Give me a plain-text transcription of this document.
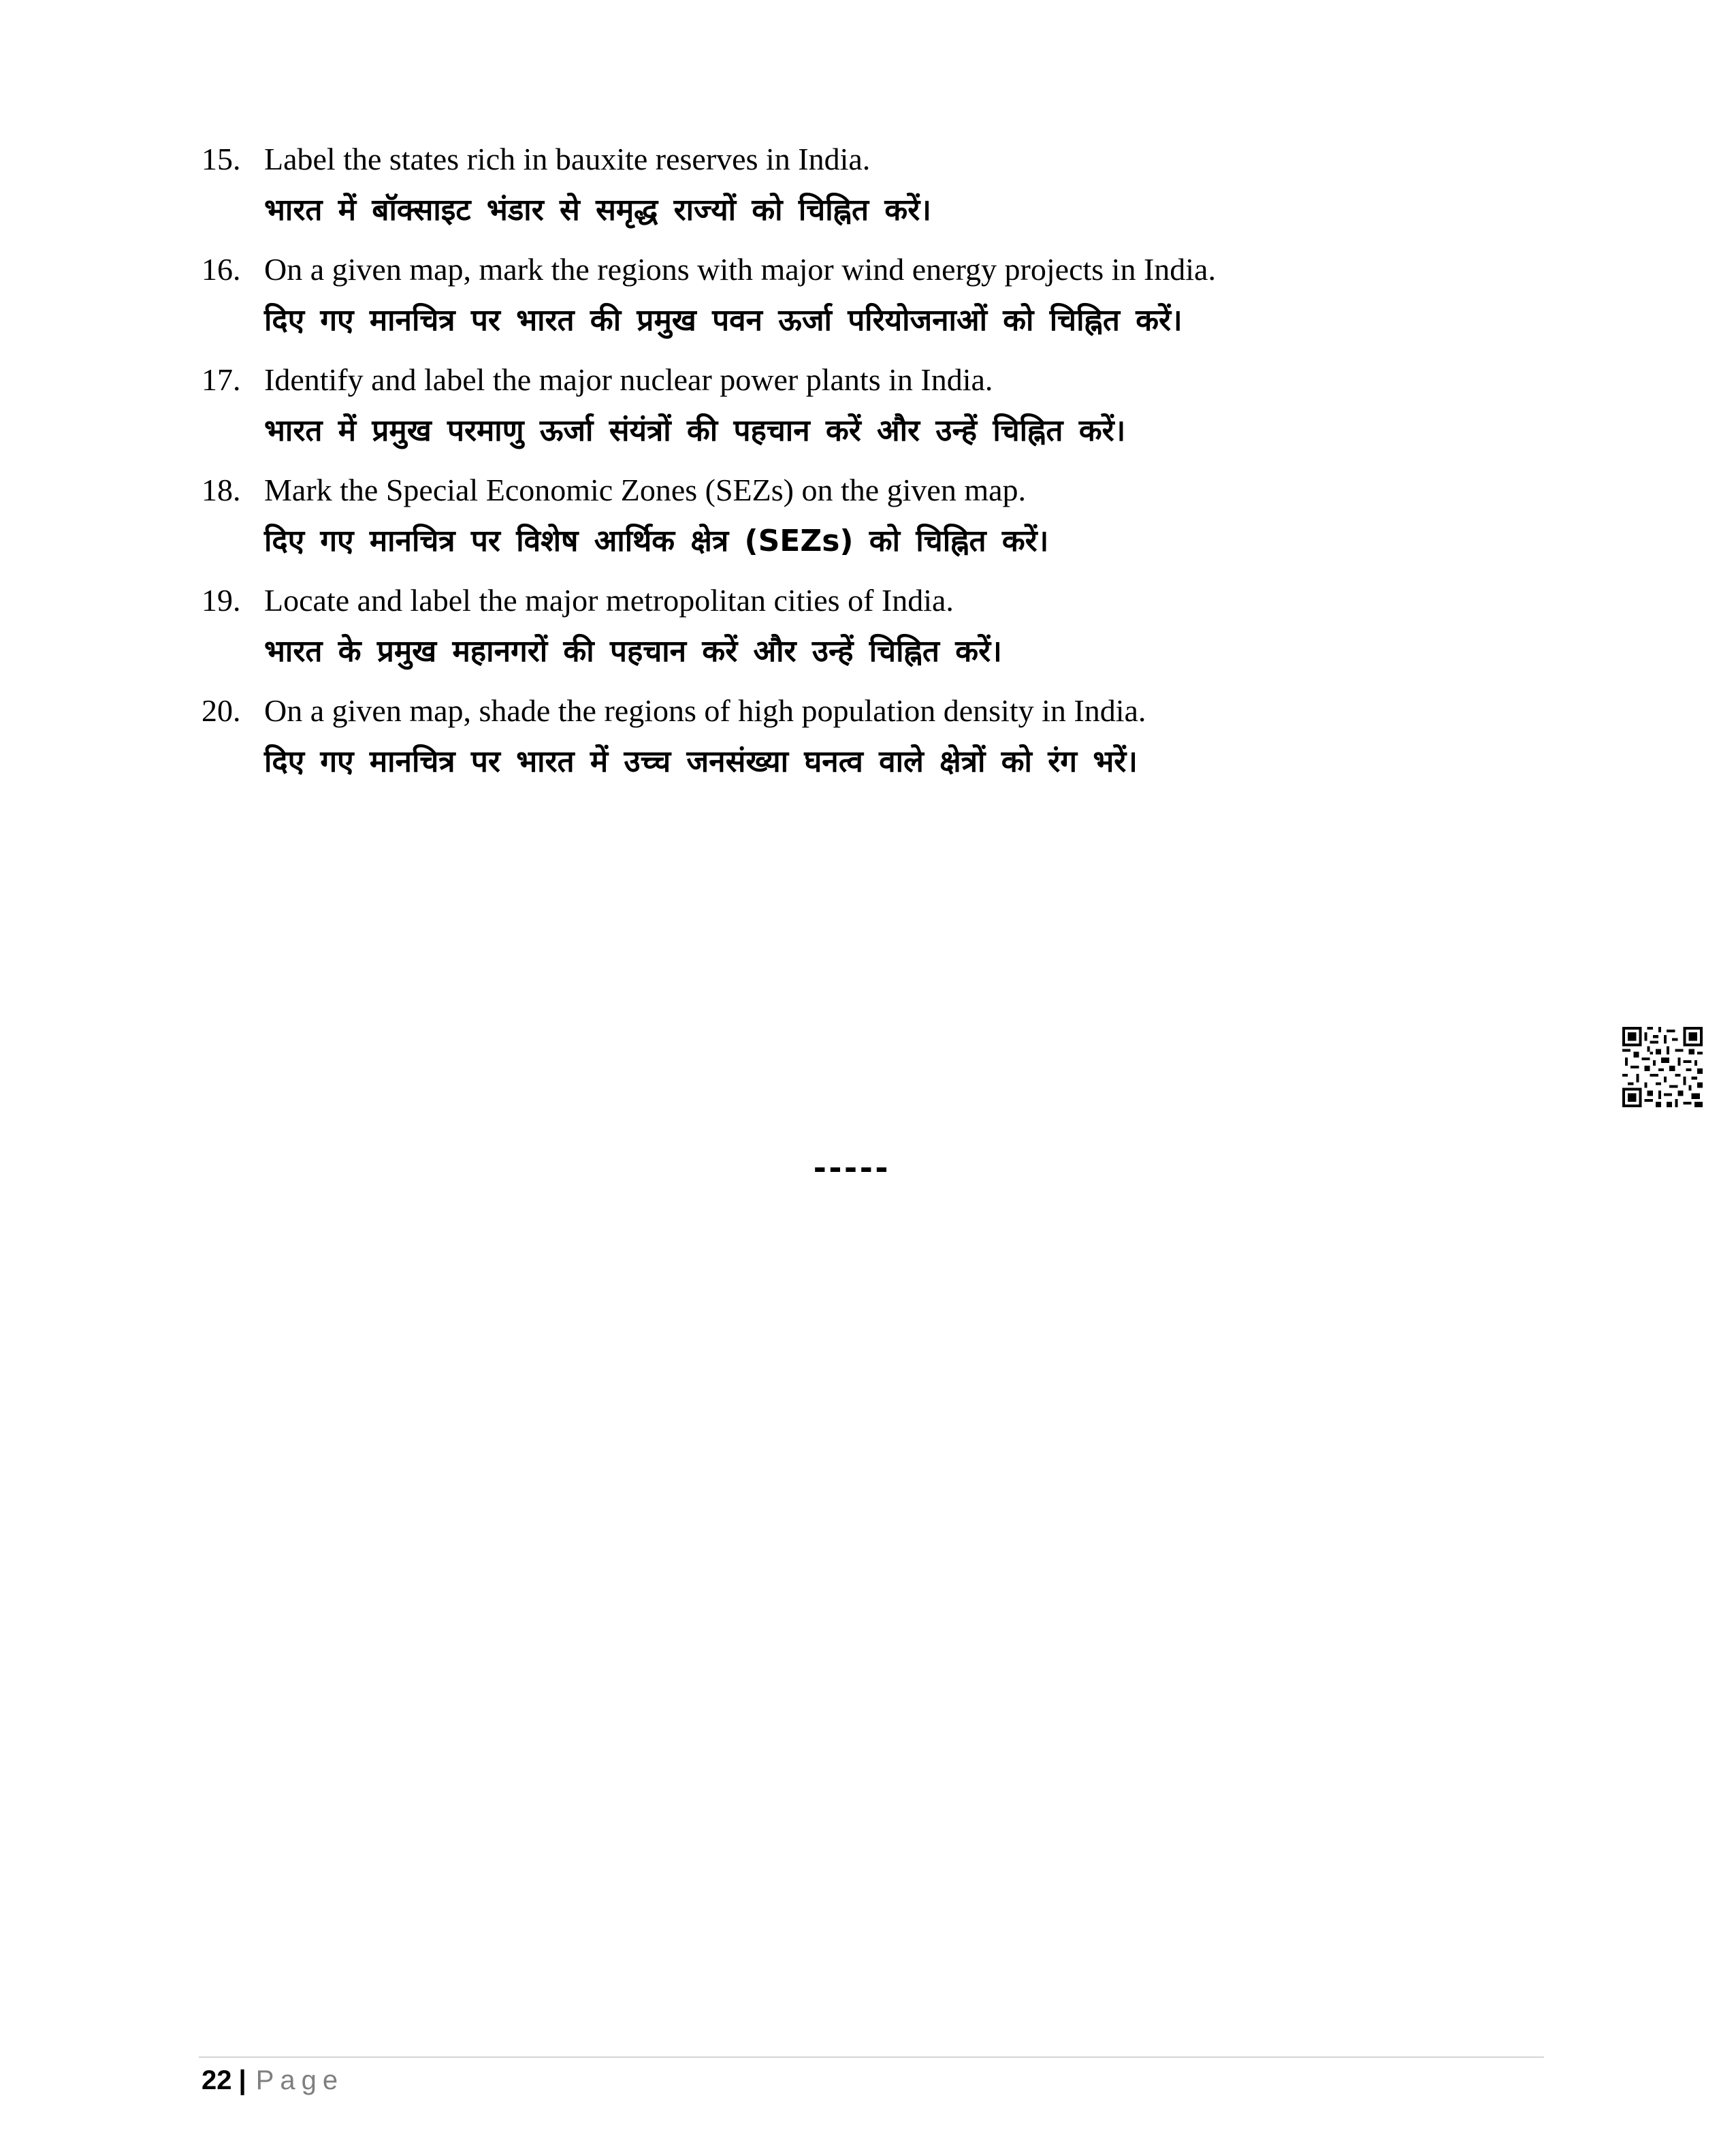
15. Label the states rich in bauxite reserves in India.
भारत में बॉक्साइट भंडार से समृद्ध राज्यों को चिह्नित करें।
16. On a given map, mark the regions with major wind energy projects in India.
दिए गए मानचित्र पर भारत की प्रमुख पवन ऊर्जा परियोजनाओं को चिह्नित करें।
17. Identify and label the major nuclear power plants in India.
भारत में प्रमुख परमाणु ऊर्जा संयंत्रों की पहचान करें और उन्हें चिह्नित करें।
18. Mark the Special Economic Zones (SEZs) on the given map.
दिए गए मानचित्र पर विशेष आर्थिक क्षेत्र (SEZs) को चिह्नित करें।
19. Locate and label the major metropolitan cities of India.
भारत के प्रमुख महानगरों की पहचान करें और उन्हें चिह्नित करें।
20. On a given map, shade the regions of high population density in India.
दिए गए मानचित्र पर भारत में उच्च जनसंख्या घनत्व वाले क्षेत्रों को रंग भरें।
-----
22 | Page
